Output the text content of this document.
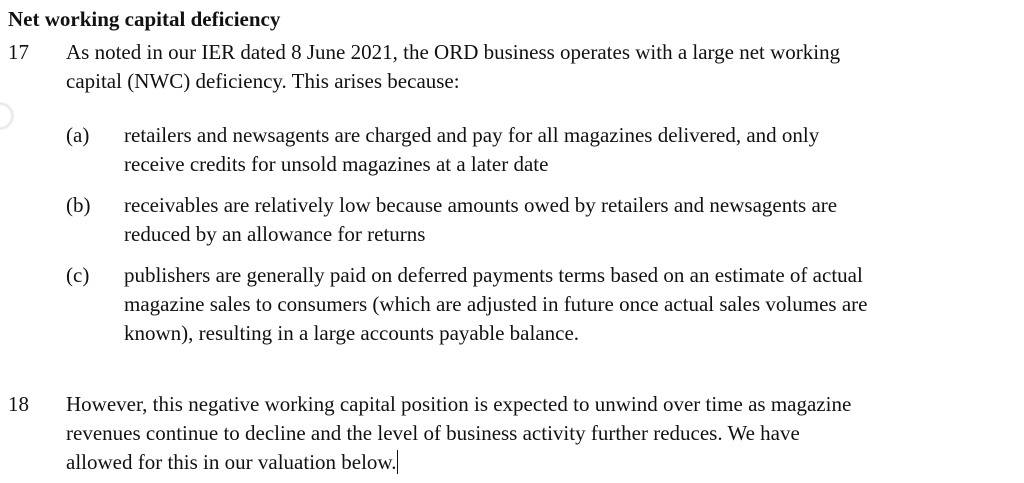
Net working capital deficiency
17 As noted in our IER dated 8 June 2021, the ORD business operates with a large net working
capital (NWC) deficiency. This arises because:
(a) retailers and newsagents are charged and pay for all magazines delivered, and only
receive credits for unsold magazines at a later date
(b) receivables are relatively low because amounts owed by retailers and newsagents are
reduced by an allowance for returns
(c) publishers are generally paid on deferred payments terms based on an estimate of actual
magazine sales to consumers (which are adjusted in future once actual sales volumes are
known), resulting in a large accounts payable balance.
18 However, this negative working capital position is expected to unwind over time as magazine
revenues continue to decline and the level of business activity further reduces. We have
allowed for this in our valuation below.
